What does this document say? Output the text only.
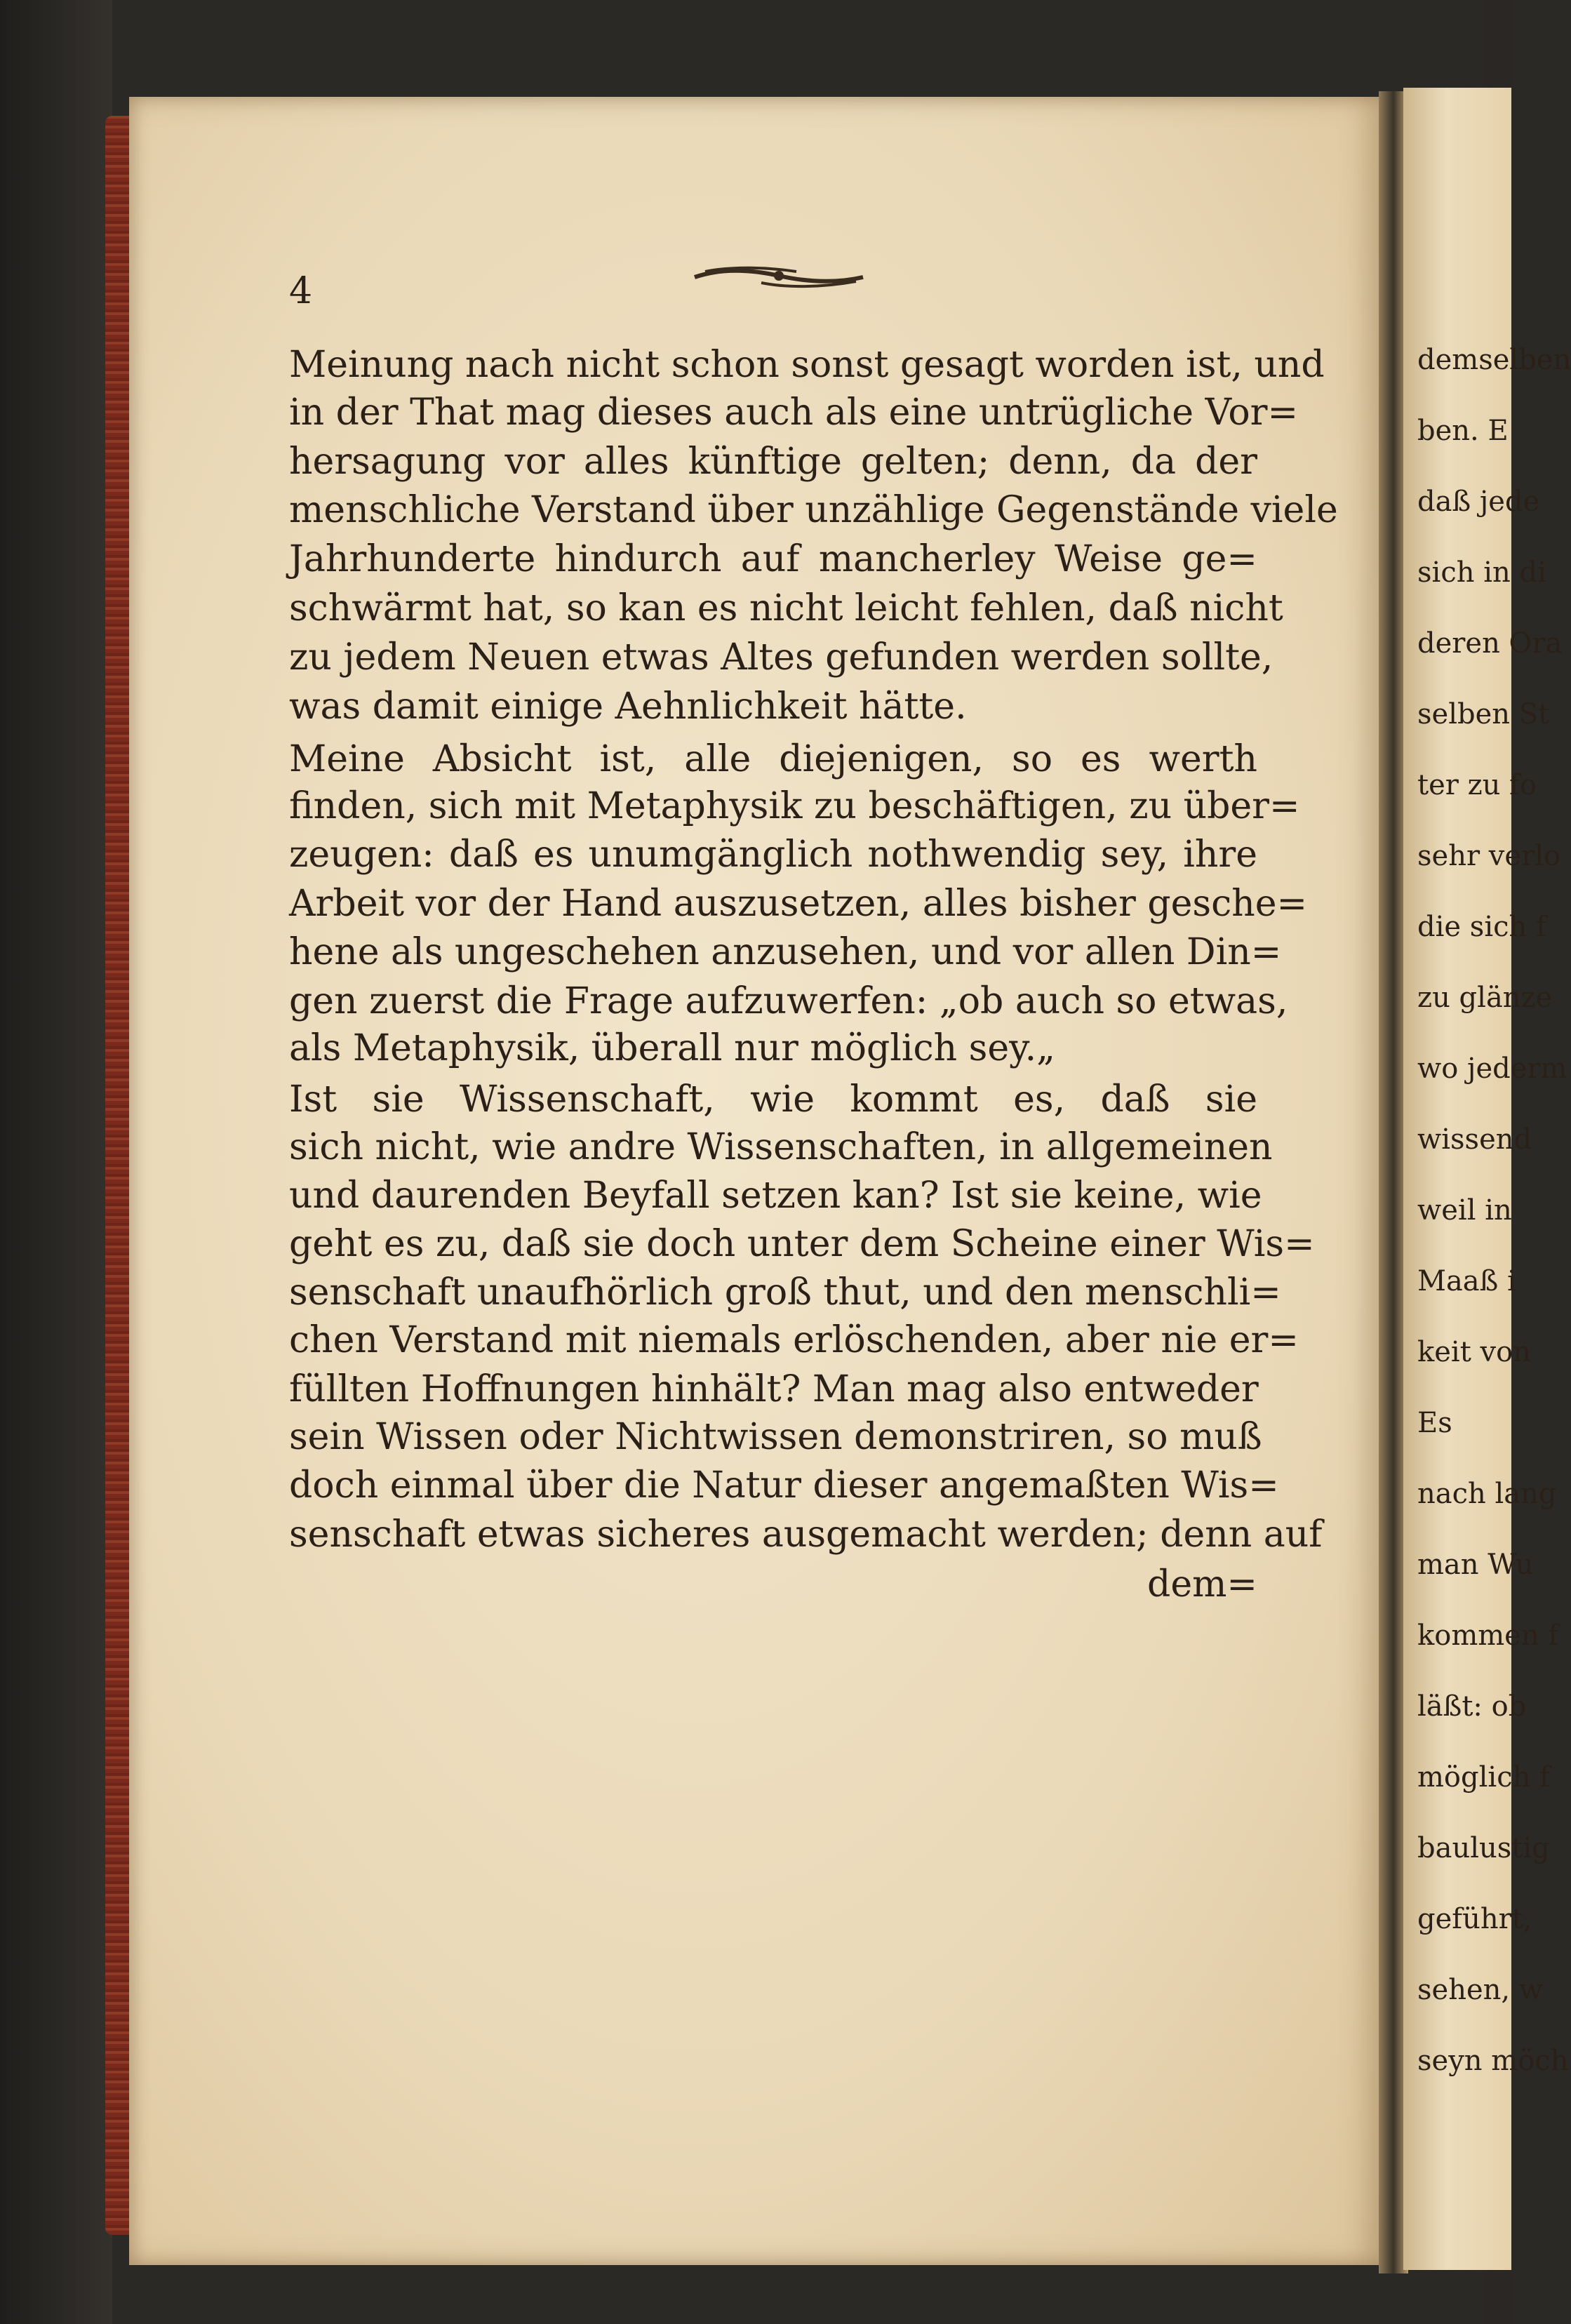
4

Meinung nach nicht schon sonst gesagt worden ist, und

in der That mag dieses auch als eine untrügliche Vor=

hersagung vor alles künftige gelten; denn, da der

menschliche Verstand über unzählige Gegenstände viele

Jahrhunderte hindurch auf mancherley Weise ge=

schwärmt hat, so kan es nicht leicht fehlen, daß nicht

zu jedem Neuen etwas Altes gefunden werden sollte,

was damit einige Aehnlichkeit hätte.

Meine Absicht ist, alle diejenigen, so es werth

finden, sich mit Metaphysik zu beschäftigen, zu über=

zeugen: daß es unumgänglich nothwendig sey, ihre

Arbeit vor der Hand auszusetzen, alles bisher gesche=

hene als ungeschehen anzusehen, und vor allen Din=

gen zuerst die Frage aufzuwerfen: „ob auch so etwas,

als Metaphysik, überall nur möglich sey.„

Ist sie Wissenschaft, wie kommt es, daß sie

sich nicht, wie andre Wissenschaften, in allgemeinen

und daurenden Beyfall setzen kan? Ist sie keine, wie

geht es zu, daß sie doch unter dem Scheine einer Wis=

senschaft unaufhörlich groß thut, und den menschli=

chen Verstand mit niemals erlöschenden, aber nie er=

füllten Hoffnungen hinhält? Man mag also entweder

sein Wissen oder Nichtwissen demonstriren, so muß

doch einmal über die Natur dieser angemaßten Wis=

senschaft etwas sicheres ausgemacht werden; denn auf

dem=

demselben

ben. E

daß jede

sich in di

deren Ora

selben St

ter zu fo

sehr verlo

die sich f

zu glänze

wo jederm

wissend

weil in

Maaß i

keit von

Es

nach lang

man Wu

kommen f

läßt: ob

möglich f

baulustig

geführt,

sehen, w

seyn möch
